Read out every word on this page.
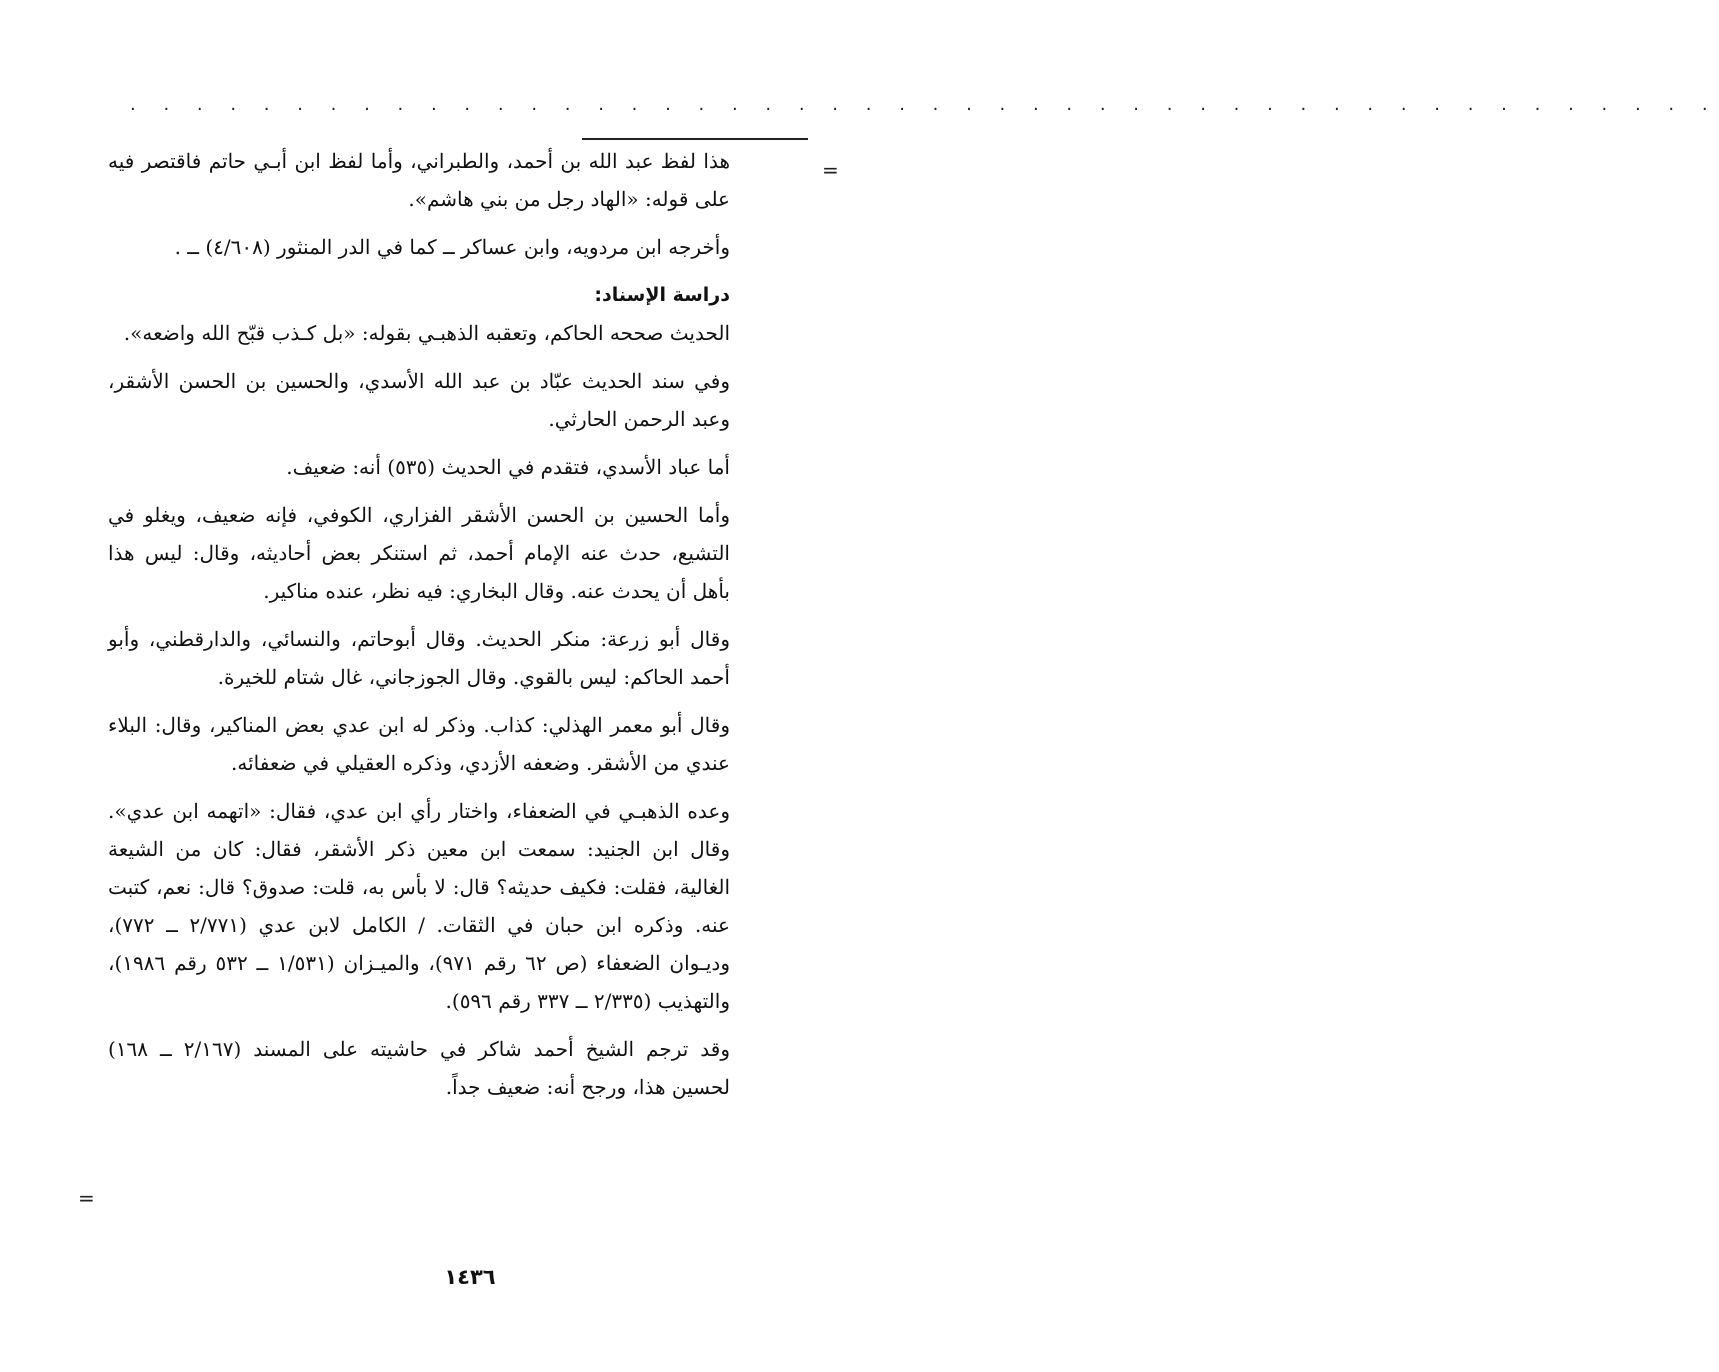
. . . . . . . . . . . . . . . . . . . . . . . . . . . . . . . . . . . . . . . . . . . . . . . .
=

هذا لفظ عبد الله بن أحمد، والطبراني، وأما لفظ ابن أبـي حاتم فاقتصر فيه على قوله: «الهاد رجل من بني هاشم».

وأخرجه ابن مردويه، وابن عساكر ــ كما في الدر المنثور (٤/٦٠٨) ــ .

دراسة الإسناد:

الحديث صححه الحاكم، وتعقبه الذهبـي بقوله: «بل كـذب قبّح الله واضعه».

وفي سند الحديث عبّاد بن عبد الله الأسدي، والحسين بن الحسن الأشقر، وعبد الرحمن الحارثي.

أما عباد الأسدي، فتقدم في الحديث (٥٣٥) أنه: ضعيف.

وأما الحسين بن الحسن الأشقر الفزاري، الكوفي، فإنه ضعيف، ويغلو في التشيع، حدث عنه الإمام أحمد، ثم استنكر بعض أحاديثه، وقال: ليس هذا بأهل أن يحدث عنه. وقال البخاري: فيه نظر، عنده مناكير.

وقال أبو زرعة: منكر الحديث. وقال أبوحاتم، والنسائي، والدارقطني، وأبو أحمد الحاكم: ليس بالقوي. وقال الجوزجاني، غال شتام للخيرة.

وقال أبو معمر الهذلي: كذاب. وذكر له ابن عدي بعض المناكير، وقال: البلاء عندي من الأشقر. وضعفه الأزدي، وذكره العقيلي في ضعفائه.

وعده الذهبـي في الضعفاء، واختار رأي ابن عدي، فقال: «اتهمه ابن عدي». وقال ابن الجنيد: سمعت ابن معين ذكر الأشقر، فقال: كان من الشيعة الغالية، فقلت: فكيف حديثه؟ قال: لا بأس به، قلت: صدوق؟ قال: نعم، كتبت عنه. وذكره ابن حبان في الثقات. / الكامل لابن عدي (٢/٧٧١ ــ ٧٧٢)، وديـوان الضعفاء (ص ٦٢ رقم ٩٧١)، والميـزان (١/٥٣١ ــ ٥٣٢ رقم ١٩٨٦)، والتهذيب (٢/٣٣٥ ــ ٣٣٧ رقم ٥٩٦).

وقد ترجم الشيخ أحمد شاكر في حاشيته على المسند (٢/١٦٧ ــ ١٦٨) لحسين هذا، ورجح أنه: ضعيف جداً.

=
١٤٣٦
